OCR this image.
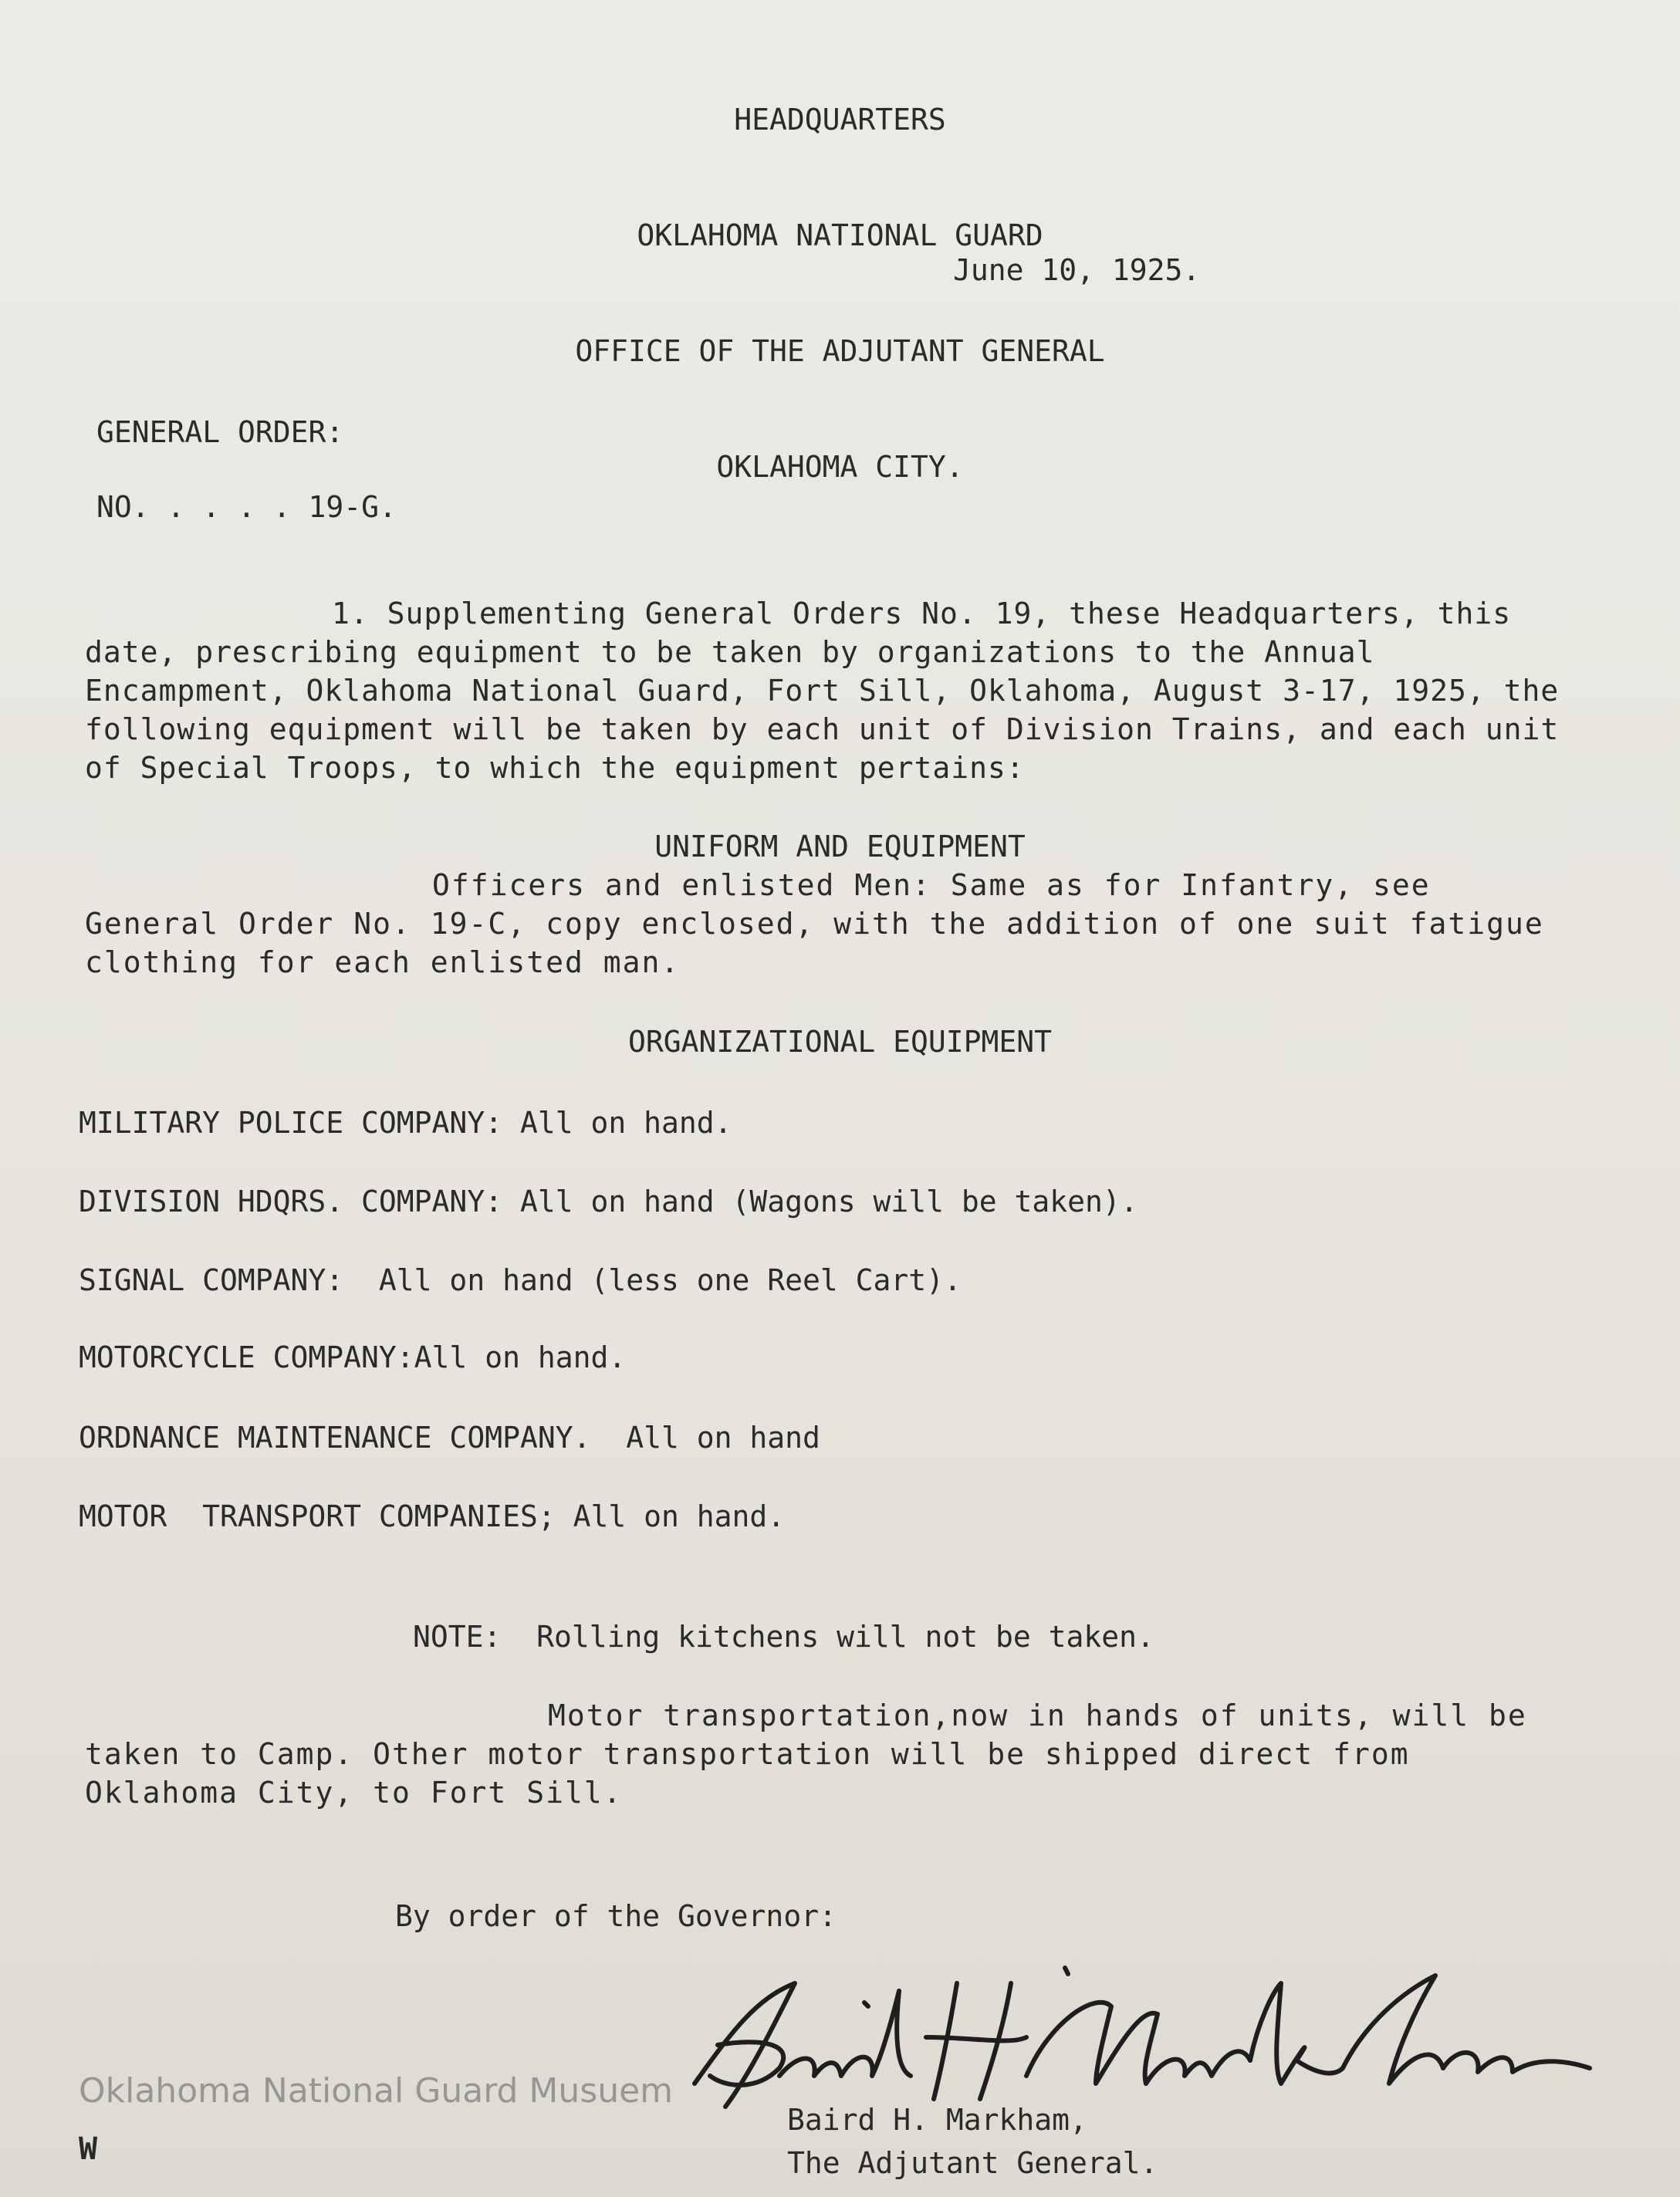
HEADQUARTERS

OKLAHOMA NATIONAL GUARD

OFFICE OF THE ADJUTANT GENERAL

OKLAHOMA CITY.

June 10, 1925.
GENERAL ORDER:
NO. . . . . 19-G.
1. Supplementing General Orders No. 19, these Headquarters, this date, prescribing equipment to be taken by organizations to the Annual Encampment, Oklahoma National Guard, Fort Sill, Oklahoma, August 3-17, 1925, the following equipment will be taken by each unit of Division Trains, and each unit of Special Troops, to which the equipment pertains:
UNIFORM AND EQUIPMENT
Officers and enlisted Men: Same as for Infantry, see General Order No. 19-C, copy enclosed, with the addition of one suit fatigue clothing for each enlisted man.
ORGANIZATIONAL EQUIPMENT
MILITARY POLICE COMPANY: All on hand.
DIVISION HDQRS. COMPANY: All on hand (Wagons will be taken).
SIGNAL COMPANY:  All on hand (less one Reel Cart).
MOTORCYCLE COMPANY:All on hand.
ORDNANCE MAINTENANCE COMPANY.  All on hand
MOTOR  TRANSPORT COMPANIES; All on hand.
NOTE:  Rolling kitchens will not be taken.
Motor transportation,now in hands of units, will be taken to Camp. Other motor transportation will be shipped direct from Oklahoma City, to Fort Sill.
By order of the Governor:
Baird H. Markham,
The Adjutant General.
Oklahoma National Guard Musuem
W
